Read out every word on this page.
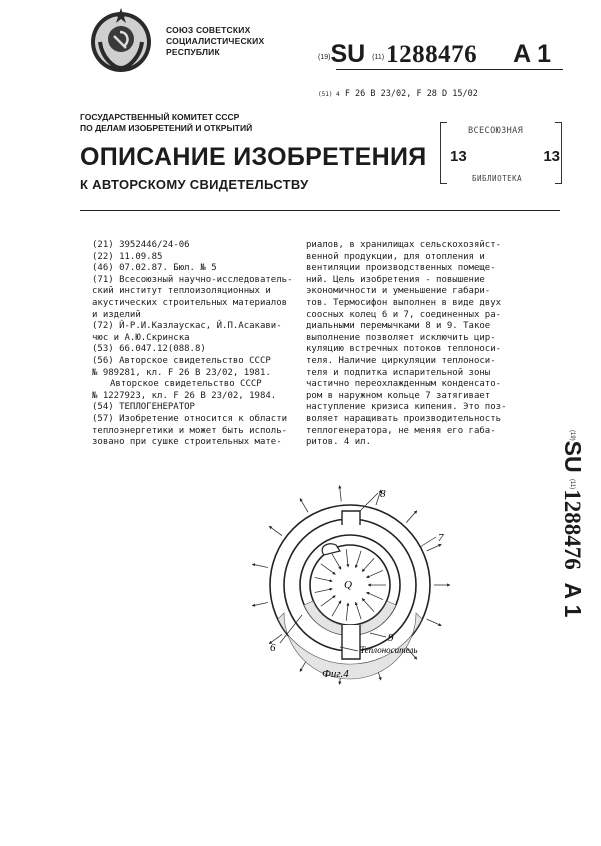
СОЮЗ СОВЕТСКИХ
СОЦИАЛИСТИЧЕСКИХ
РЕСПУБЛИК
(19)SU (11)1288476 A 1
(51) 4 F 26 B 23/02, F 28 D 15/02
ГОСУДАРСТВЕННЫЙ КОМИТЕТ СССР
ПО ДЕЛАМ ИЗОБРЕТЕНИЙ И ОТКРЫТИЙ
ОПИСАНИЕ ИЗОБРЕТЕНИЯ
К АВТОРСКОМУ СВИДЕТЕЛЬСТВУ
ВСЕСОЮЗНАЯ
13	13
БИБЛИОТЕКА
(21) 3952446/24-06
(22) 11.09.85
(46) 07.02.87. Бюл. № 5
(71) Всесоюзный научно-исследователь-
ский институт теплоизоляционных и
акустических строительных материалов
и изделий
(72) Й-Р.И.Казлаускас, Й.П.Асакави-
чюс и А.Ю.Скринска
(53) 66.047.12(088.8)
(56) Авторское свидетельство СССР
№ 989281, кл. F 26 B 23/02, 1981.
Авторское свидетельство СССР
№ 1227923, кл. F 26 B 23/02, 1984.
(54) ТЕПЛОГЕНЕРАТОР
(57) Изобретение относится к области
теплоэнергетики и может быть исполь-
зовано при сушке строительных мате-
риалов, в хранилищах сельскохозяйст-
венной продукции, для отопления и
вентиляции производственных помеще-
ний. Цель изобретения - повышение
экономичности и уменьшение габари-
тов. Термосифон выполнен в виде двух
соосных колец 6 и 7, соединенных ра-
диальными перемычками 8 и 9. Такое
выполнение позволяет исключить цир-
куляцию встречных потоков теплоноси-
теля. Наличие циркуляции теплоноси-
теля и подпитка испарительной зоны
частично переохлажденным конденсато-
ром в наружном кольце 7 затягивает
наступление кризиса кипения. Это поз-
воляет наращивать производительность
теплогенератора, не меняя его габа-
ритов. 4 ил.
$^{(19)}$SU $^{(11)}$1288476  A 1
8
7
Q
9
6	Теплоноситель
Фиг.4
